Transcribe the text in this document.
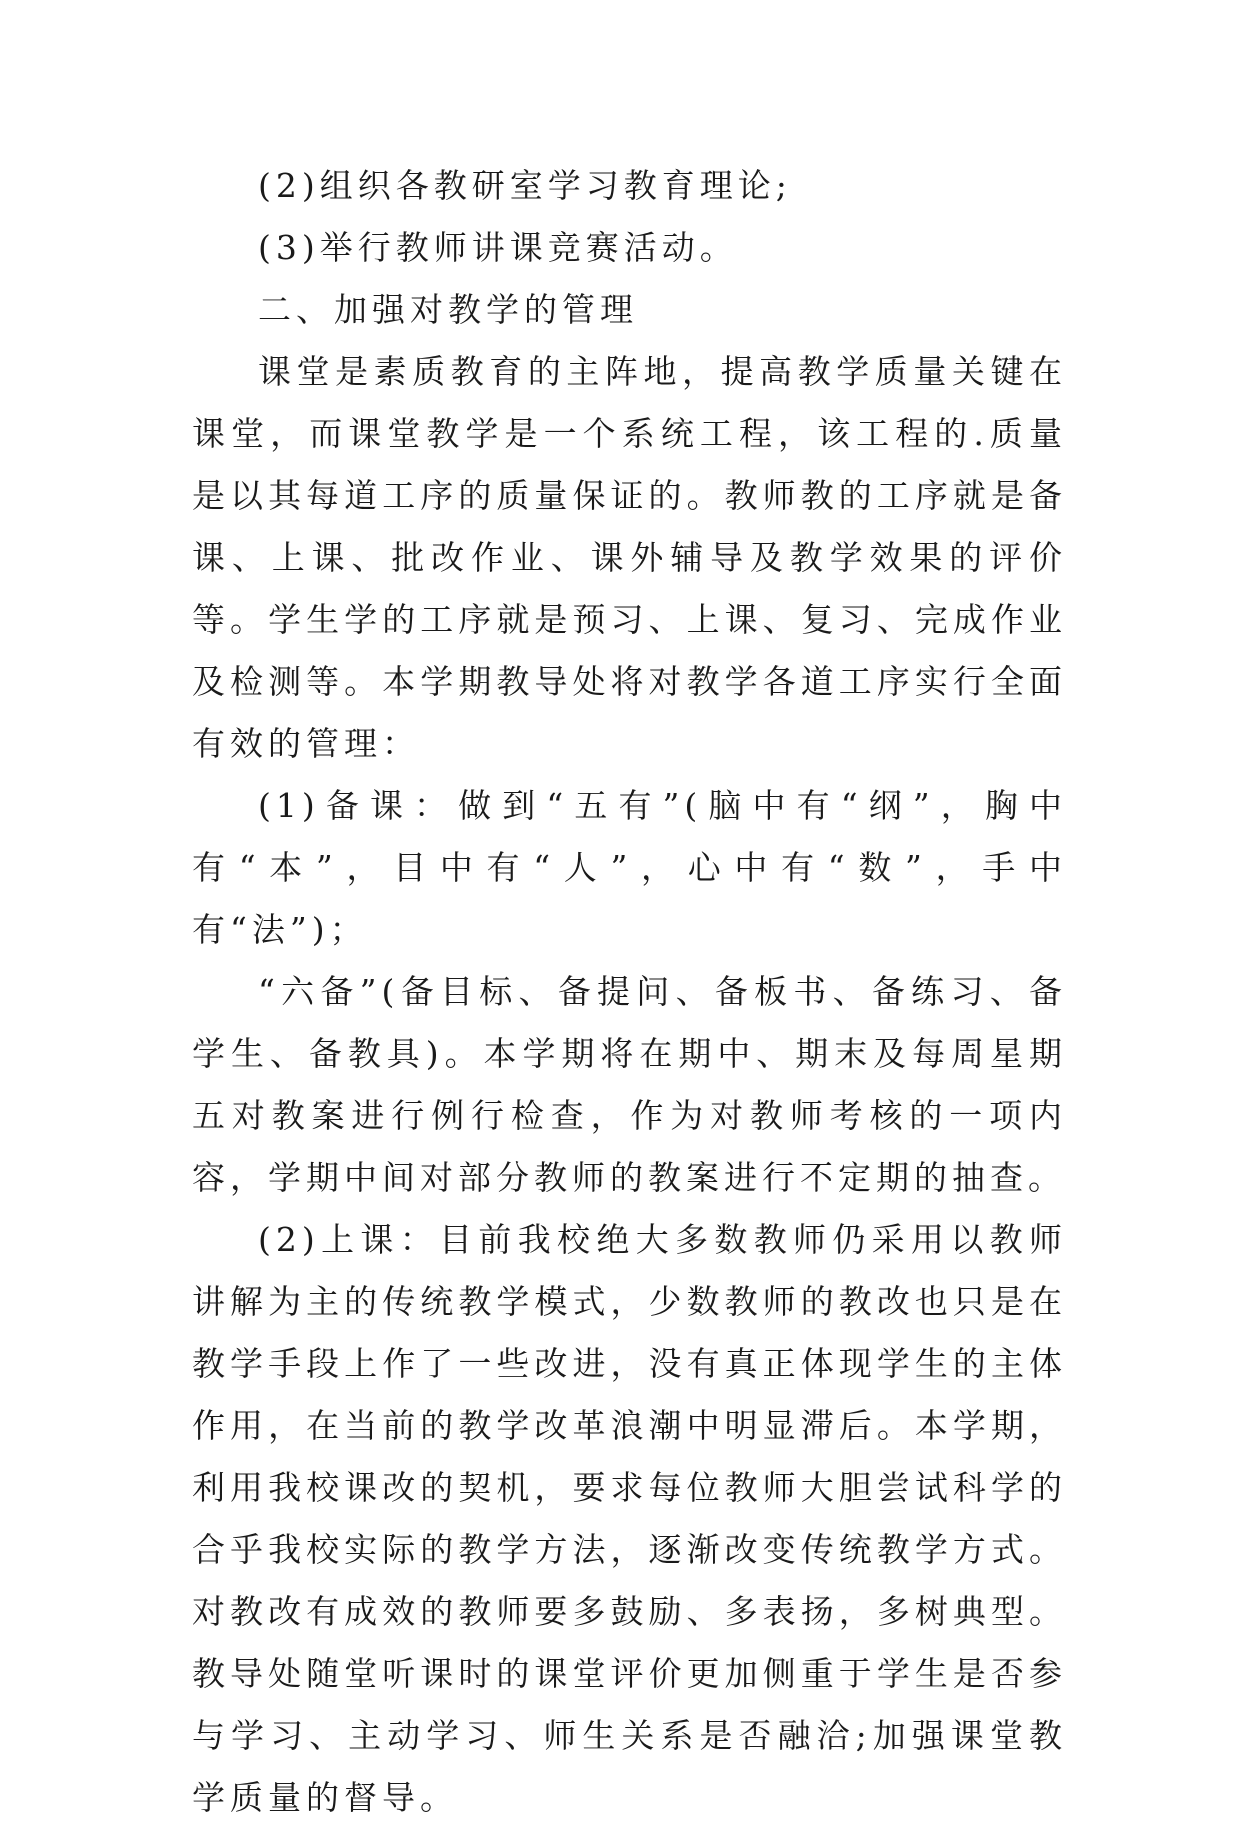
(2)组织各教研室学习教育理论;

(3)举行教师讲课竞赛活动。

二、加强对教学的管理

课堂是素质教育的主阵地，提高教学质量关键在课堂，而课堂教学是一个系统工程，该工程的.质量是以其每道工序的质量保证的。教师教的工序就是备课、上课、批改作业、课外辅导及教学效果的评价等。学生学的工序就是预习、上课、复习、完成作业及检测等。本学期教导处将对教学各道工序实行全面有效的管理：

(1)备课：做到“五有”(脑中有“纲”，胸中有“本”，目中有“人”，心中有“数”，手中有“法”)；

“六备”(备目标、备提问、备板书、备练习、备学生、备教具)。本学期将在期中、期末及每周星期五对教案进行例行检查，作为对教师考核的一项内容，学期中间对部分教师的教案进行不定期的抽查。

(2)上课：目前我校绝大多数教师仍采用以教师讲解为主的传统教学模式，少数教师的教改也只是在教学手段上作了一些改进，没有真正体现学生的主体作用，在当前的教学改革浪潮中明显滞后。本学期，利用我校课改的契机，要求每位教师大胆尝试科学的合乎我校实际的教学方法，逐渐改变传统教学方式。对教改有成效的教师要多鼓励、多表扬，多树典型。教导处随堂听课时的课堂评价更加侧重于学生是否参与学习、主动学习、师生关系是否融洽;加强课堂教学质量的督导。
